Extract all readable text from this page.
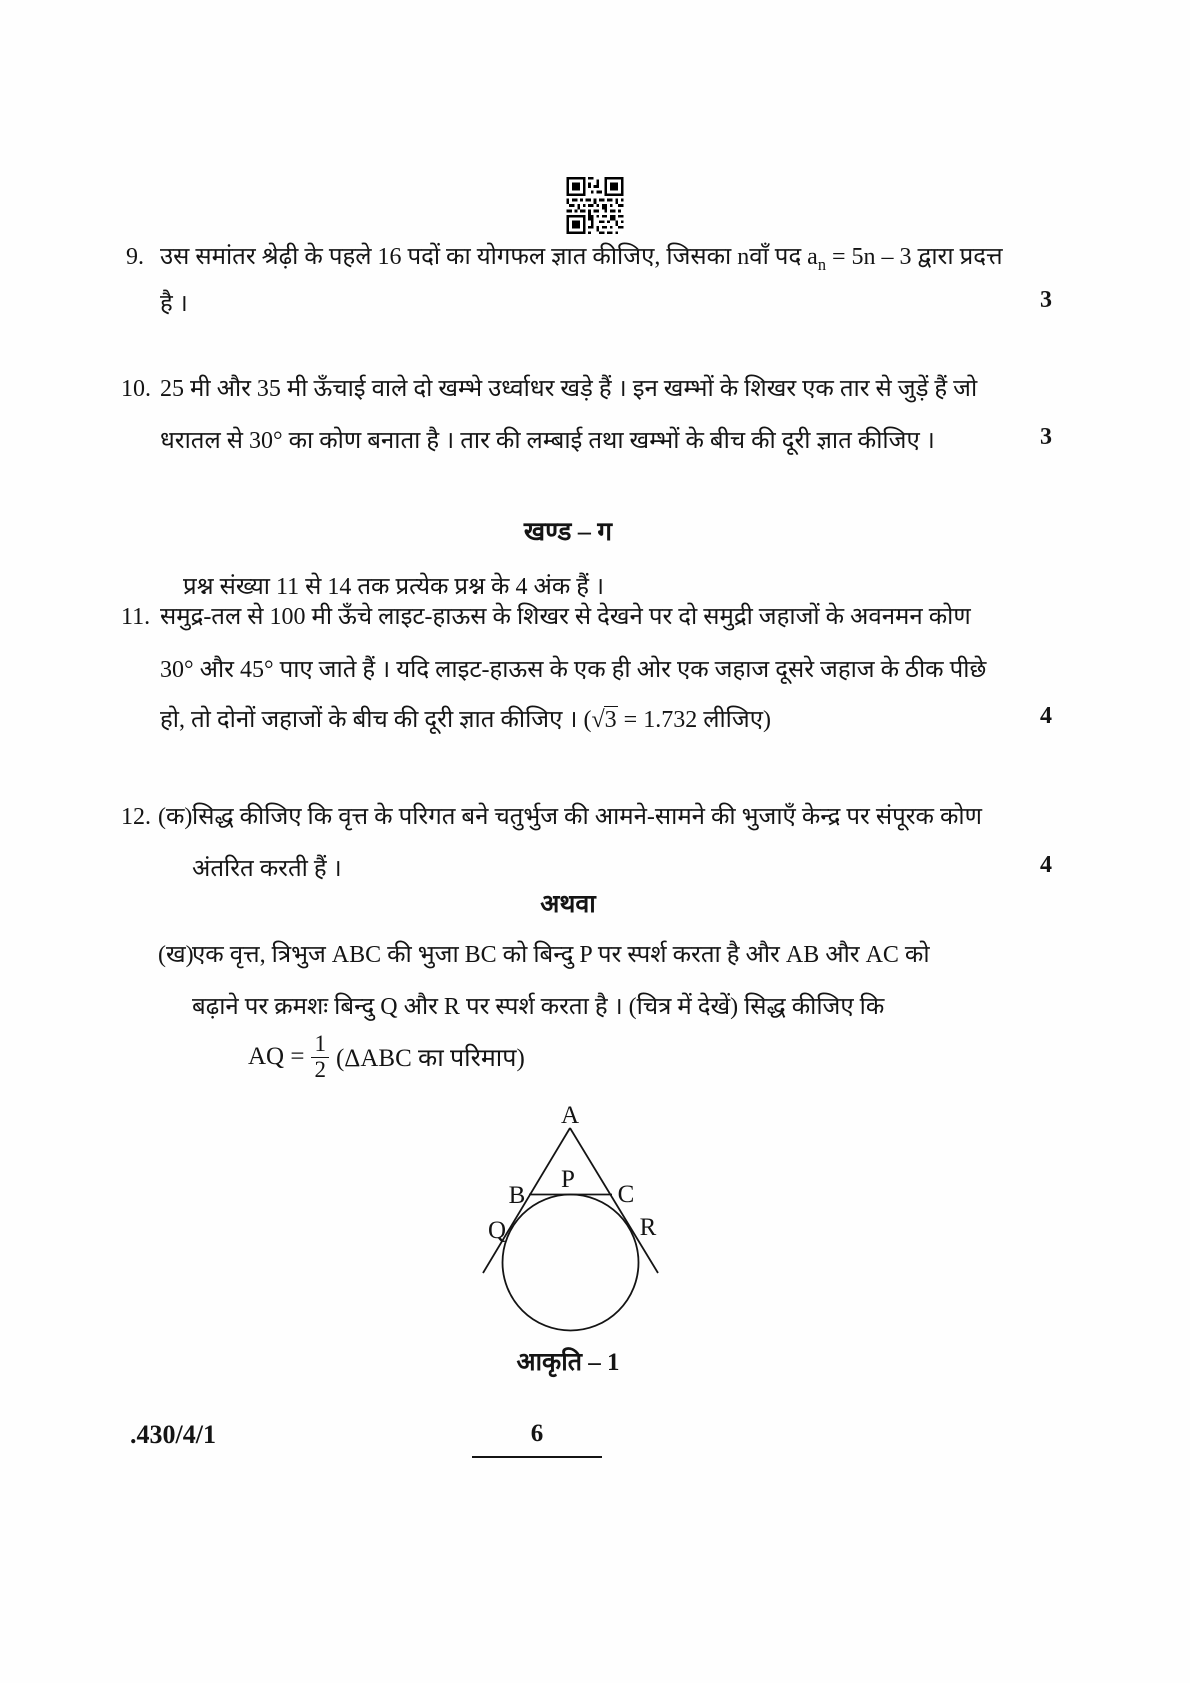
9. उस समांतर श्रेढ़ी के पहले 16 पदों का योगफल ज्ञात कीजिए, जिसका nवाँ पद $a_n = 5n - 3$ द्वारा प्रदत्त
है ।	3
10. 25 मी और 35 मी ऊँचाई वाले दो खम्भे उर्ध्वाधर खड़े हैं । इन खम्भों के शिखर एक तार से जुड़ें हैं जो
धरातल से 30° का कोण बनाता है । तार की लम्बाई तथा खम्भों के बीच की दूरी ज्ञात कीजिए ।	3
खण्ड – ग
प्रश्न संख्या 11 से 14 तक प्रत्येक प्रश्न के 4 अंक हैं ।
11. समुद्र-तल से 100 मी ऊँचे लाइट-हाऊस के शिखर से देखने पर दो समुद्री जहाजों के अवनमन कोण
30° और 45° पाए जाते हैं । यदि लाइट-हाऊस के एक ही ओर एक जहाज दूसरे जहाज के ठीक पीछे
हो, तो दोनों जहाजों के बीच की दूरी ज्ञात कीजिए । (√3 = 1.732 लीजिए)	4
12. (क) सिद्ध कीजिए कि वृत्त के परिगत बने चतुर्भुज की आमने-सामने की भुजाएँ केन्द्र पर संपूरक कोण
अंतरित करती हैं ।	4
अथवा
(ख)
एक वृत्त, त्रिभुज ABC की भुजा BC को बिन्दु P पर स्पर्श करता है और AB और AC को
बढ़ाने पर क्रमशः बिन्दु Q और R पर स्पर्श करता है । (चित्र में देखें) सिद्ध कीजिए कि
AQ = $\frac{1}{2} (\Delta ABC$ का परिमाप)
A
P
B	C
Q	R
आकृति – 1
.430/4/1	6
